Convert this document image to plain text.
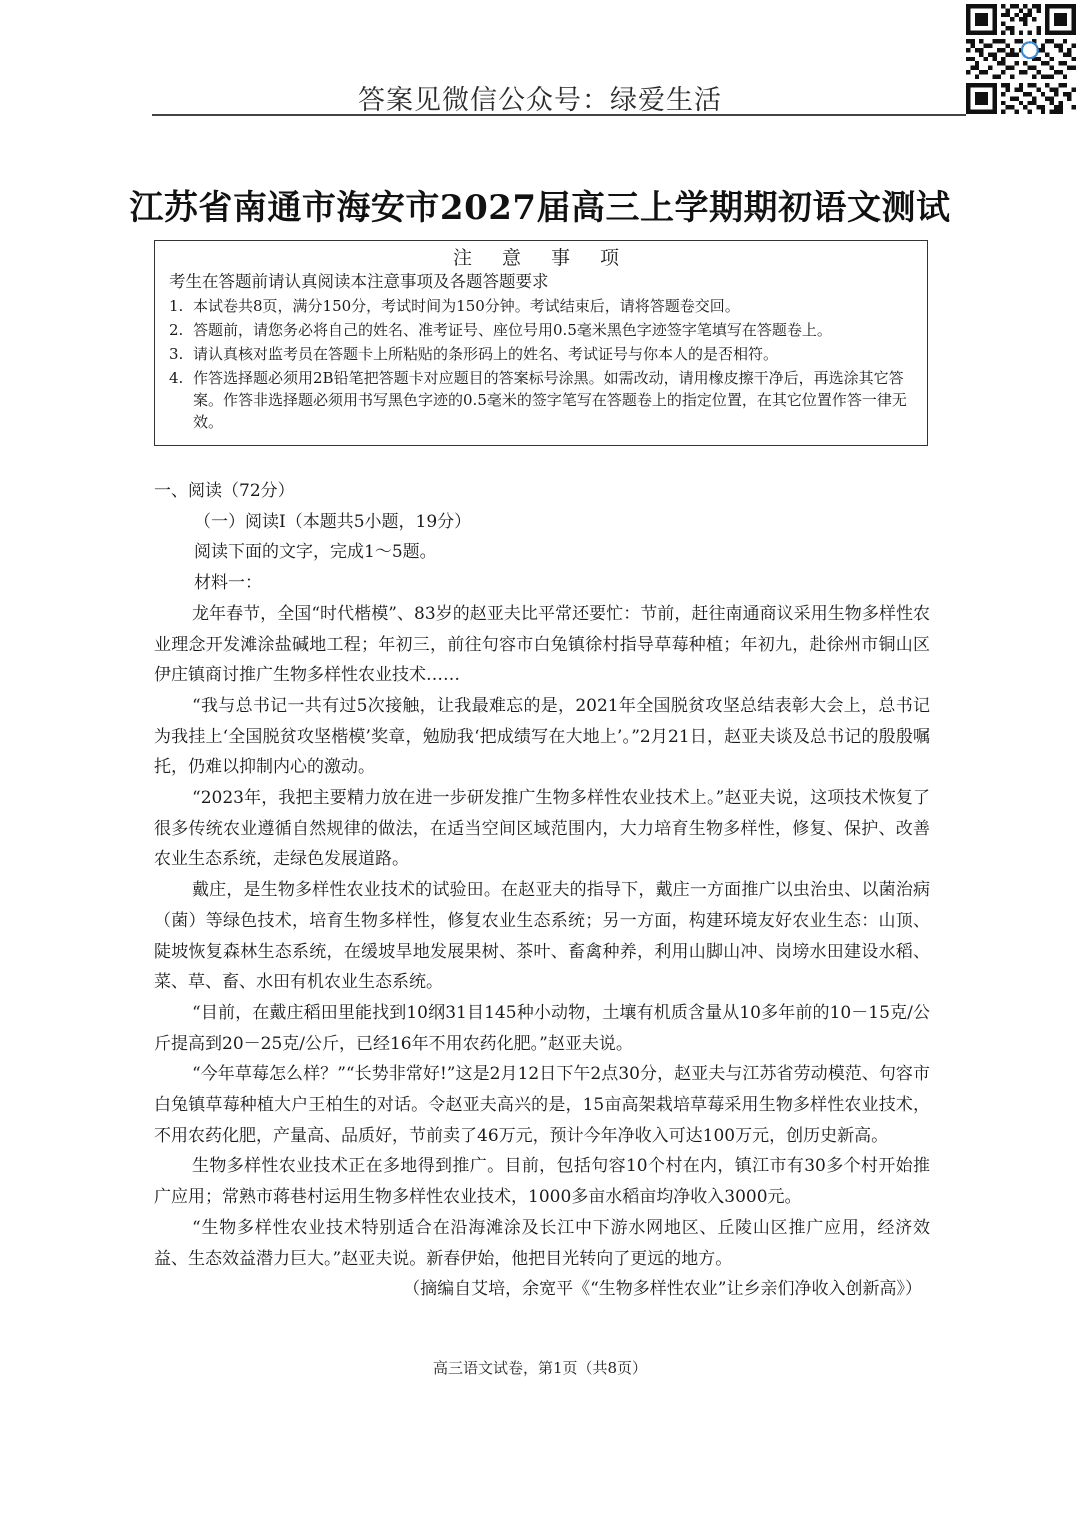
答案见微信公众号：绿爱生活
江苏省南通市海安市2027届高三上学期期初语文测试
注 意 事 项
考生在答题前请认真阅读本注意事项及各题答题要求
1. 本试卷共8页，满分150分，考试时间为150分钟。考试结束后，请将答题卷交回。
2. 答题前，请您务必将自己的姓名、准考证号、座位号用0.5毫米黑色字迹签字笔填写在答题卷上。
3. 请认真核对监考员在答题卡上所粘贴的条形码上的姓名、考试证号与你本人的是否相符。
4. 作答选择题必须用2B铅笔把答题卡对应题目的答案标号涂黑。如需改动，请用橡皮擦干净后，再选涂其它答案。作答非选择题必须用书写黑色字迹的0.5毫米的签字笔写在答题卷上的指定位置，在其它位置作答一律无效。

一、阅读（72分）

（一）阅读Ⅰ（本题共5小题，19分）

阅读下面的文字，完成1～5题。

材料一：

龙年春节，全国“时代楷模”、83岁的赵亚夫比平常还要忙：节前，赶往南通商议采用生物多样性农业理念开发滩涂盐碱地工程；年初三，前往句容市白兔镇徐村指导草莓种植；年初九，赴徐州市铜山区伊庄镇商讨推广生物多样性农业技术……

“我与总书记一共有过5次接触，让我最难忘的是，2021年全国脱贫攻坚总结表彰大会上，总书记为我挂上‘全国脱贫攻坚楷模’奖章，勉励我‘把成绩写在大地上’。”2月21日，赵亚夫谈及总书记的殷殷嘱托，仍难以抑制内心的激动。

“2023年，我把主要精力放在进一步研发推广生物多样性农业技术上。”赵亚夫说，这项技术恢复了很多传统农业遵循自然规律的做法，在适当空间区域范围内，大力培育生物多样性，修复、保护、改善农业生态系统，走绿色发展道路。

戴庄，是生物多样性农业技术的试验田。在赵亚夫的指导下，戴庄一方面推广以虫治虫、以菌治病（菌）等绿色技术，培育生物多样性，修复农业生态系统；另一方面，构建环境友好农业生态：山顶、陡坡恢复森林生态系统，在缓坡旱地发展果树、茶叶、畜禽种养，利用山脚山冲、岗塝水田建设水稻、菜、草、畜、水田有机农业生态系统。

“目前，在戴庄稻田里能找到10纲31目145种小动物，土壤有机质含量从10多年前的10－15克/公斤提高到20－25克/公斤，已经16年不用农药化肥。”赵亚夫说。

“今年草莓怎么样？”“长势非常好!”这是2月12日下午2点30分，赵亚夫与江苏省劳动模范、句容市白兔镇草莓种植大户王柏生的对话。令赵亚夫高兴的是，15亩高架栽培草莓采用生物多样性农业技术，不用农药化肥，产量高、品质好，节前卖了46万元，预计今年净收入可达100万元，创历史新高。

生物多样性农业技术正在多地得到推广。目前，包括句容10个村在内，镇江市有30多个村开始推广应用；常熟市蒋巷村运用生物多样性农业技术，1000多亩水稻亩均净收入3000元。

“生物多样性农业技术特别适合在沿海滩涂及长江中下游水网地区、丘陵山区推广应用，经济效益、生态效益潜力巨大。”赵亚夫说。新春伊始，他把目光转向了更远的地方。

（摘编自艾培，余宽平《“生物多样性农业”让乡亲们净收入创新高》）

高三语文试卷，第1页（共8页）
